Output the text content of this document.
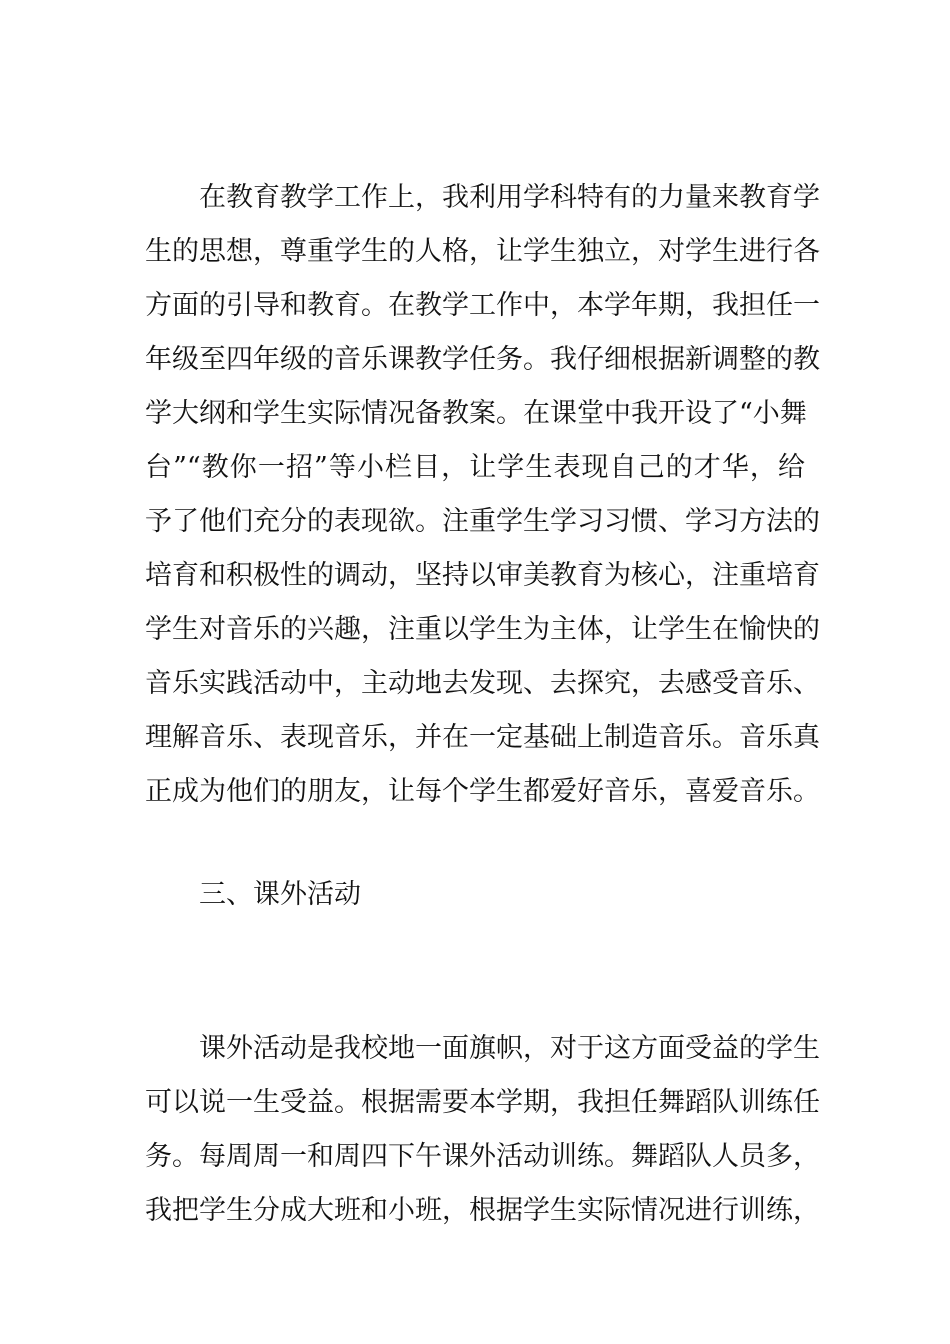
在教育教学工作上，我利用学科特有的力量来教育学
生的思想，尊重学生的人格，让学生独立，对学生进行各
方面的引导和教育。在教学工作中，本学年期，我担任一
年级至四年级的音乐课教学任务。我仔细根据新调整的教
学大纲和学生实际情况备教案。在课堂中我开设了“小舞
台”“教你一招”等小栏目，让学生表现自己的才华，给
予了他们充分的表现欲。注重学生学习习惯、学习方法的
培育和积极性的调动，坚持以审美教育为核心，注重培育
学生对音乐的兴趣，注重以学生为主体，让学生在愉快的
音乐实践活动中，主动地去发现、去探究，去感受音乐、
理解音乐、表现音乐，并在一定基础上制造音乐。音乐真
正成为他们的朋友，让每个学生都爱好音乐，喜爱音乐。
三、课外活动
课外活动是我校地一面旗帜，对于这方面受益的学生
可以说一生受益。根据需要本学期，我担任舞蹈队训练任
务。每周周一和周四下午课外活动训练。舞蹈队人员多，
我把学生分成大班和小班，根据学生实际情况进行训练，
